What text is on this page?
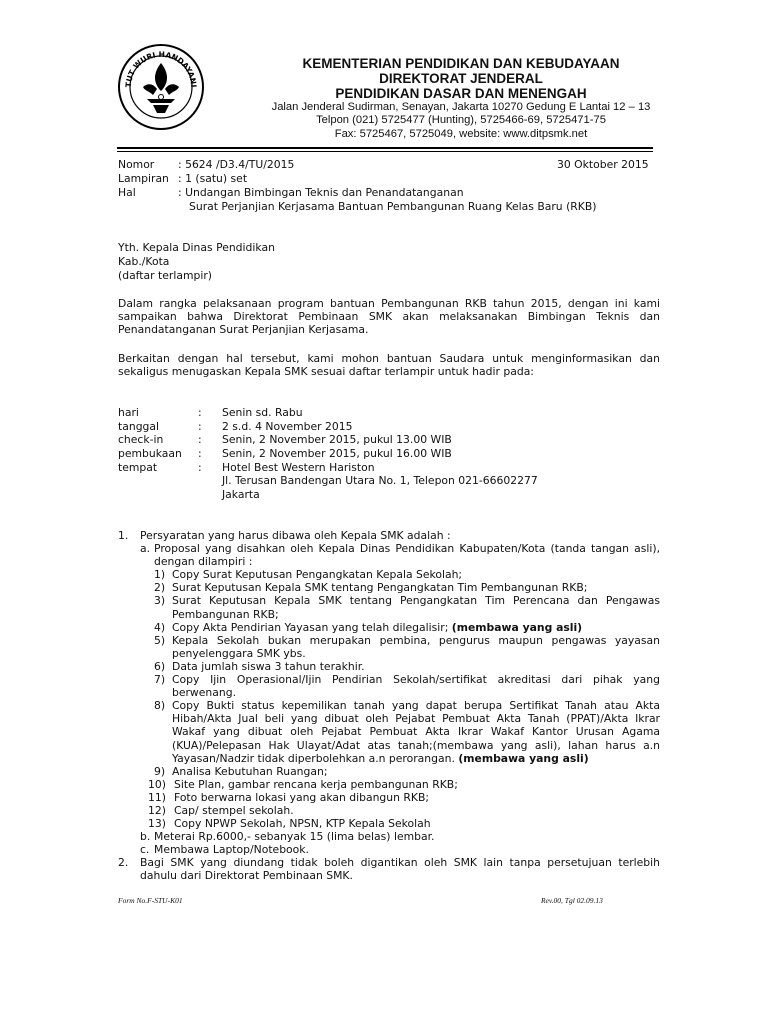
TUT WURI HANDAYANI
KEMENTERIAN PENDIDIKAN DAN KEBUDAYAAN
DIREKTORAT JENDERAL
PENDIDIKAN DASAR DAN MENENGAH
Jalan Jenderal Sudirman, Senayan, Jakarta 10270 Gedung E Lantai 12 – 13
Telpon (021) 5725477 (Hunting), 5725466-69, 5725471-75
Fax: 5725467, 5725049, website: www.ditpsmk.net
Nomor : 5624 /D3.4/TU/2015	30 Oktober 2015
Lampiran : 1 (satu) set
Hal	: Undangan Bimbingan Teknis dan Penandatanganan
Surat Perjanjian Kerjasama Bantuan Pembangunan Ruang Kelas Baru (RKB)
Yth. Kepala Dinas Pendidikan
Kab./Kota
(daftar terlampir)
Dalam rangka pelaksanaan program bantuan Pembangunan RKB tahun 2015, dengan ini kami sampaikan bahwa Direktorat Pembinaan SMK akan melaksanakan Bimbingan Teknis dan Penandatanganan Surat Perjanjian Kerjasama.
Berkaitan dengan hal tersebut, kami mohon bantuan Saudara untuk menginformasikan dan sekaligus menugaskan Kepala SMK sesuai daftar terlampir untuk hadir pada:
hari	: Senin sd. Rabu
tanggal	: 2 s.d. 4 November 2015
check-in	: Senin, 2 November 2015, pukul 13.00 WIB
pembukaan : Senin, 2 November 2015, pukul 16.00 WIB
tempat	: Hotel Best Western Hariston
Jl. Terusan Bandengan Utara No. 1, Telepon 021-66602277
Jakarta
1. Persyaratan yang harus dibawa oleh Kepala SMK adalah :
a. Proposal yang disahkan oleh Kepala Dinas Pendidikan Kabupaten/Kota (tanda tangan asli), dengan dilampiri :
1) Copy Surat Keputusan Pengangkatan Kepala Sekolah;
2) Surat Keputusan Kepala SMK tentang Pengangkatan Tim Pembangunan RKB;
3) Surat Keputusan Kepala SMK tentang Pengangkatan Tim Perencana dan Pengawas Pembangunan RKB;
4) Copy Akta Pendirian Yayasan yang telah dilegalisir; (membawa yang asli)
5) Kepala Sekolah bukan merupakan pembina, pengurus maupun pengawas yayasan penyelenggara SMK ybs.
6) Data jumlah siswa 3 tahun terakhir.
7) Copy Ijin Operasional/Ijin Pendirian Sekolah/sertifikat akreditasi dari pihak yang berwenang.
8) Copy Bukti status kepemilikan tanah yang dapat berupa Sertifikat Tanah atau Akta Hibah/Akta Jual beli yang dibuat oleh Pejabat Pembuat Akta Tanah (PPAT)/Akta Ikrar Wakaf yang dibuat oleh Pejabat Pembuat Akta Ikrar Wakaf Kantor Urusan Agama (KUA)/Pelepasan Hak Ulayat/Adat atas tanah;(membawa yang asli), lahan harus a.n Yayasan/Nadzir tidak diperbolehkan a.n perorangan. (membawa yang asli)
9) Analisa Kebutuhan Ruangan;
10) Site Plan, gambar rencana kerja pembangunan RKB;
11) Foto berwarna lokasi yang akan dibangun RKB;
12) Cap/ stempel sekolah.
13) Copy NPWP Sekolah, NPSN, KTP Kepala Sekolah
b. Meterai Rp.6000,- sebanyak 15 (lima belas) lembar.
c. Membawa Laptop/Notebook.
2. Bagi SMK yang diundang tidak boleh digantikan oleh SMK lain tanpa persetujuan terlebih dahulu dari Direktorat Pembinaan SMK.
Form No.F-STU-K01	Rev.00, Tgl 02.09.13
